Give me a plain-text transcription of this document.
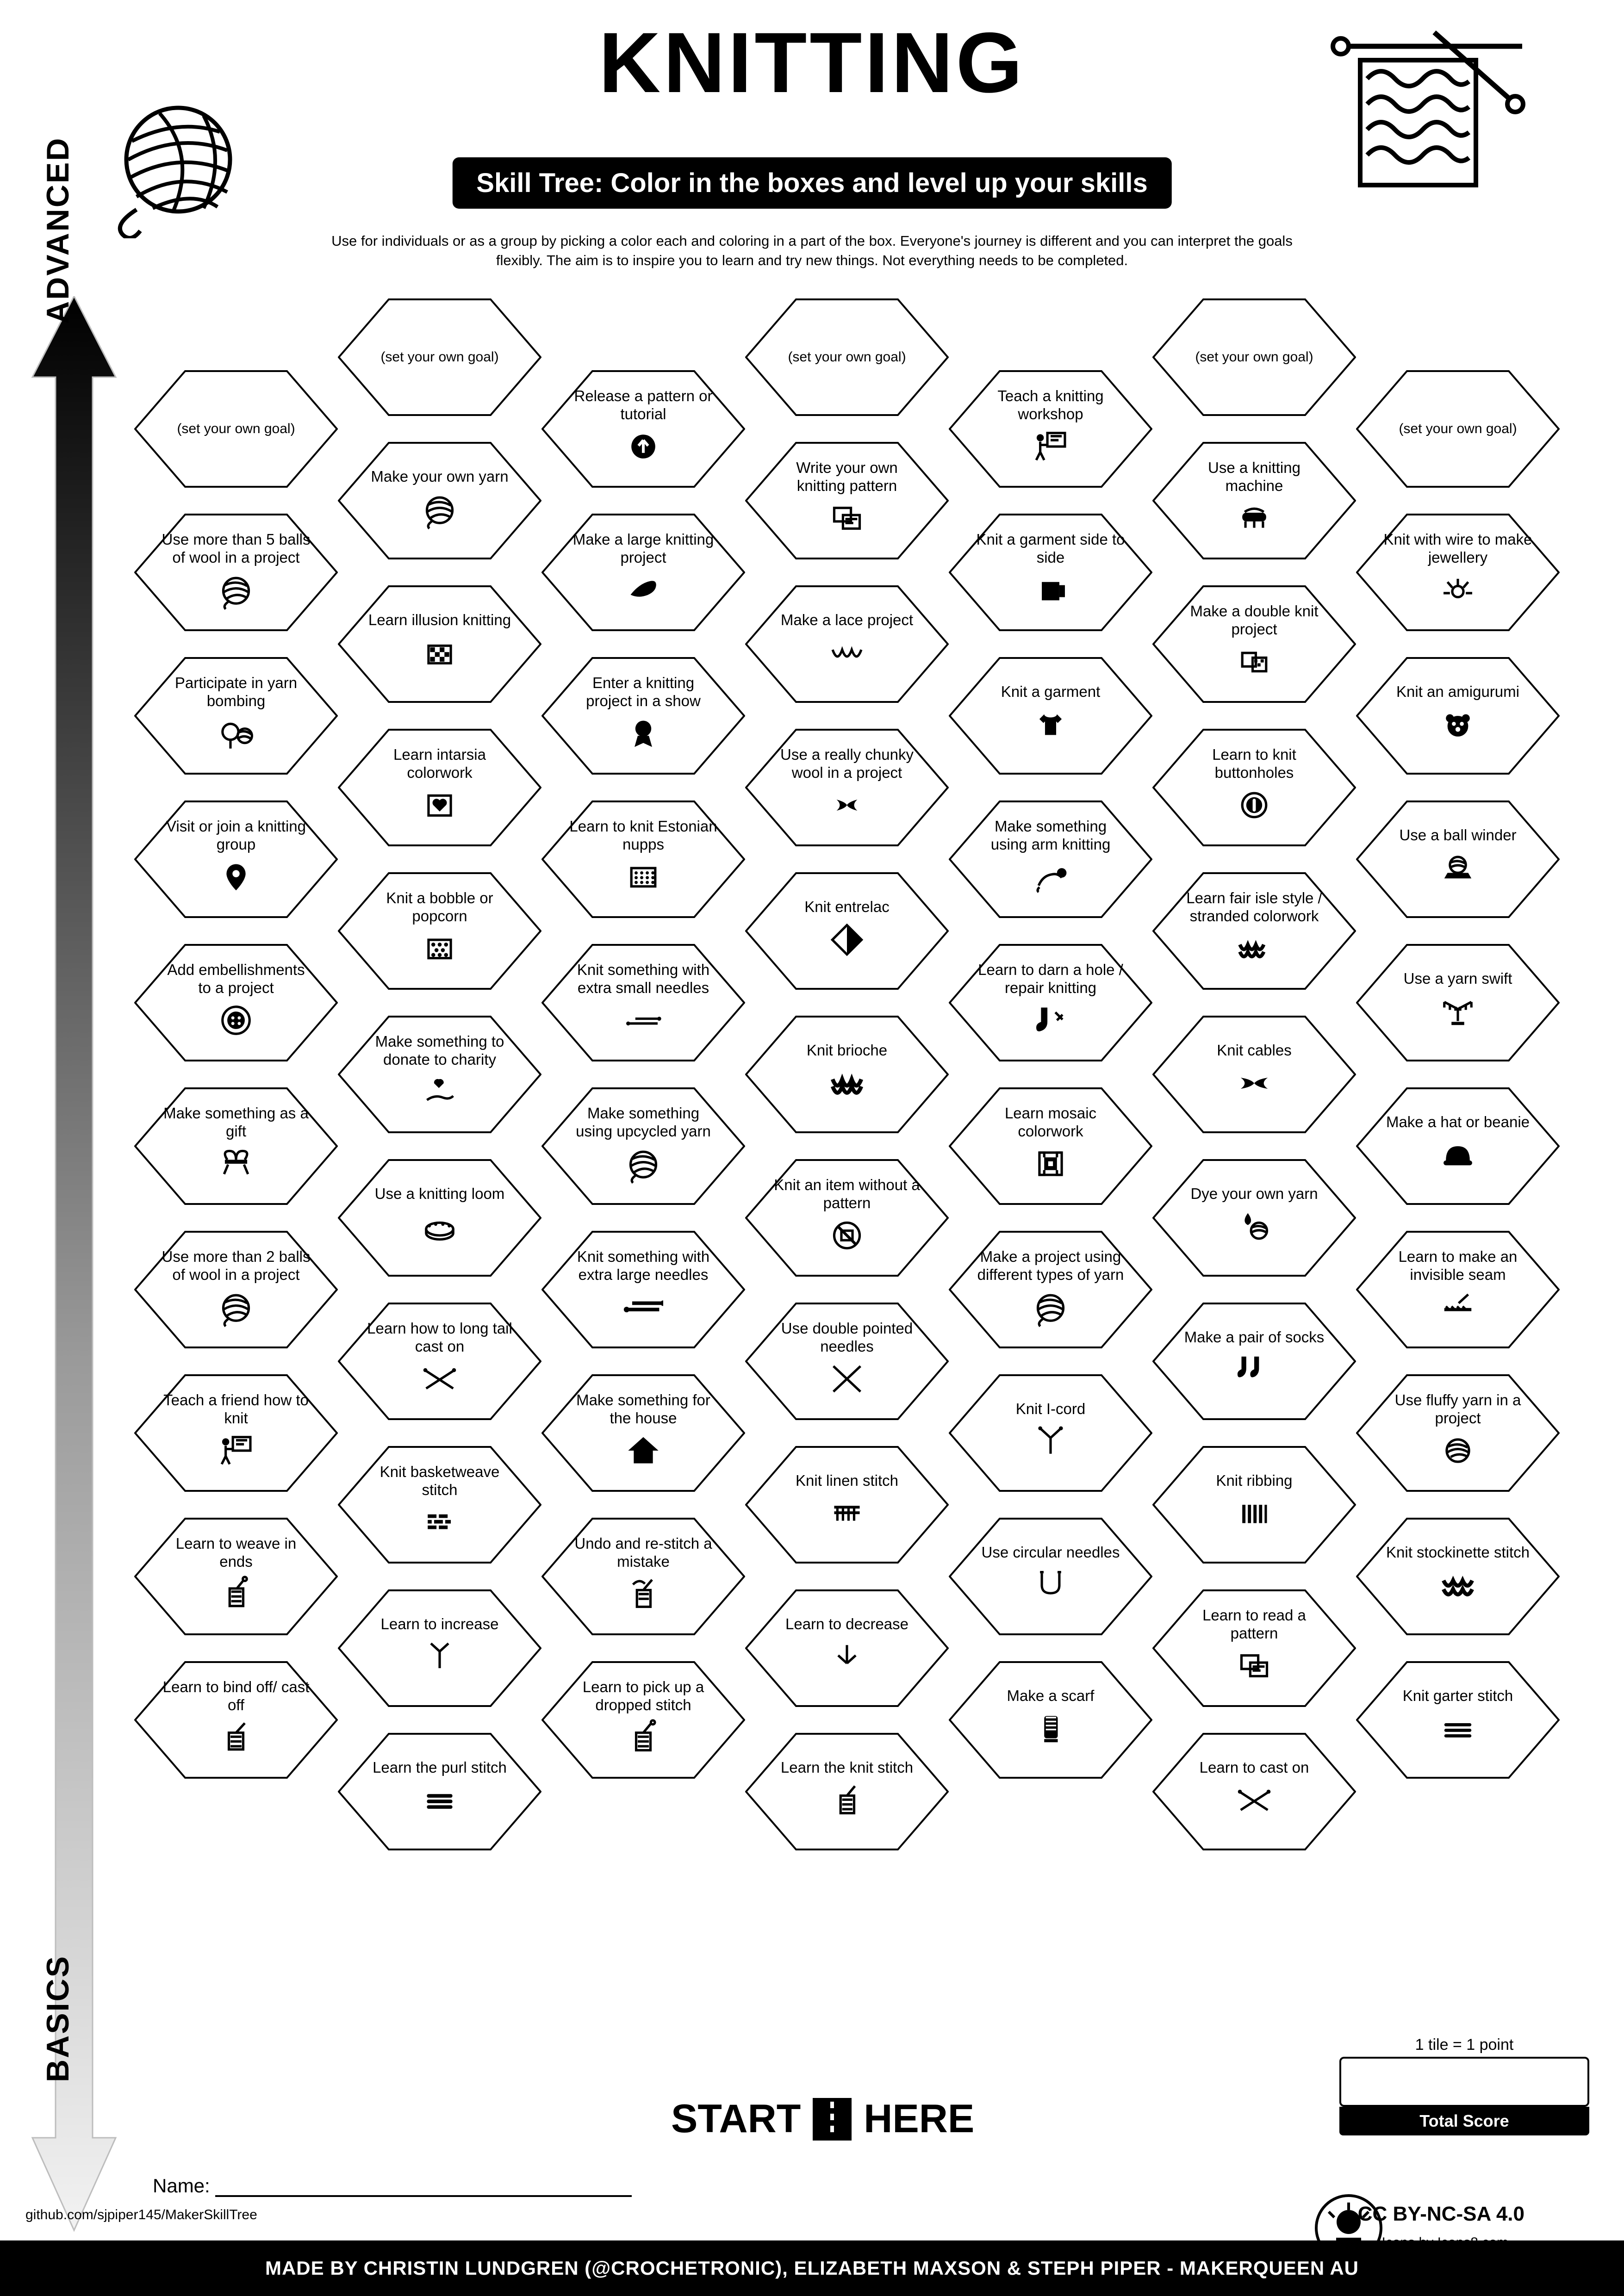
KNITTING
Skill Tree: Color in the boxes and level up your skills
Use for individuals or as a group by picking a color each and coloring in a part of the box. Everyone's journey is different and you can interpret the goals flexibly. The aim is to inspire you to learn and try new things. Not everything needs to be completed.
ADVANCED
BASICS
(set your own goal)
Use more than 5 balls of wool in a project
Participate in yarn bombing
Visit or join a knitting group
Add embellishments to a project
Make something as a gift
Use more than 2 balls of wool in a project
Teach a friend how to knit
Learn to weave in ends
Learn to bind off/ cast off
(set your own goal)
Make your own yarn
Learn illusion knitting
Learn intarsia colorwork
Knit a bobble or popcorn
Make something to donate to charity
Use a knitting loom
Learn how to long tail cast on
Knit basketweave stitch
Learn to increase
Learn the purl stitch
Release a pattern or tutorial
Make a large knitting project
Enter a knitting project in a show
Learn to knit Estonian nupps
Knit something with extra small needles
Make something using upcycled yarn
Knit something with extra large needles
Make something for the house
Undo and re-stitch a mistake
Learn to pick up a dropped stitch
(set your own goal)
Write your own knitting pattern
Make a lace project
Use a really chunky wool in a project
Knit entrelac
Knit brioche
Knit an item without a pattern
Use double pointed needles
Knit linen stitch
Learn to decrease
Learn the knit stitch
Teach a knitting workshop
Knit a garment side to side
Knit a garment
Make something using arm knitting
Learn to darn a hole / repair knitting
Learn mosaic colorwork
Make a project using different types of yarn
Knit I-cord
Use circular needles
Make a scarf
(set your own goal)
Use a knitting machine
Make a double knit project
Learn to knit buttonholes
Learn fair isle style / stranded colorwork
Knit cables
Dye your own yarn
Make a pair of socks
Knit ribbing
Learn to read a pattern
Learn to cast on
(set your own goal)
Knit with wire to make jewellery
Knit an amigurumi
Use a ball winder
Use a yarn swift
Make a hat or beanie
Learn to make an invisible seam
Use fluffy yarn in a project
Knit stockinette stitch
Knit garter stitch
START HERE
Name:
github.com/sjpiper145/MakerSkillTree
1 tile = 1 point
Total Score
CC BY-NC-SA 4.0
MADE BY CHRISTIN LUNDGREN (@CROCHETRONIC), ELIZABETH MAXSON & STEPH PIPER - MAKERQUEEN AU
